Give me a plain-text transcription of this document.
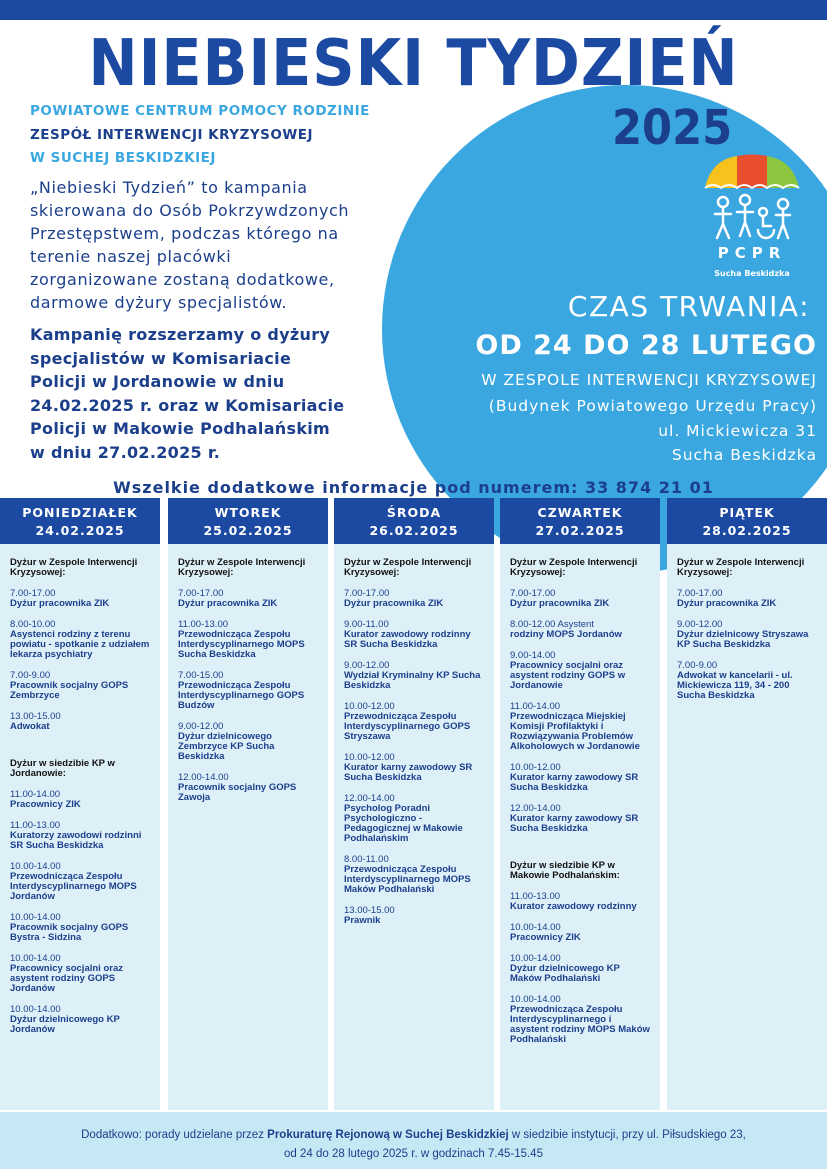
NIEBIESKI TYDZIEŃ
2025
POWIATOWE CENTRUM POMOCY RODZINIE
ZESPÓŁ INTERWENCJI KRYZYSOWEJ
W SUCHEJ BESKIDZKIEJ
„Niebieski Tydzień” to kampania
skierowana do Osób Pokrzywdzonych
Przestępstwem, podczas którego na
terenie naszej placówki
zorganizowane zostaną dodatkowe,
darmowe dyżury specjalistów.
Kampanię rozszerzamy o dyżury
specjalistów w Komisariacie
Policji w Jordanowie w dniu
24.02.2025 r. oraz w Komisariacie
Policji w Makowie Podhalańskim
w dniu 27.02.2025 r.
PCPR
Sucha Beskidzka
CZAS TRWANIA:
OD 24 DO 28 LUTEGO
W ZESPOLE INTERWENCJI KRYZYSOWEJ
(Budynek Powiatowego Urzędu Pracy)
ul. Mickiewicza 31
Sucha Beskidzka
Wszelkie dodatkowe informacje pod numerem: 33 874 21 01
PONIEDZIAŁEK
24.02.2025
Dyżur w Zespole Interwencji Kryzysowej:
7.00-17.00
Dyżur pracownika ZIK
8.00-10.00
Asystenci rodziny z terenu powiatu - spotkanie z udziałem lekarza psychiatry
7.00-9.00
Pracownik socjalny GOPS Zembrzyce
13.00-15.00
Adwokat
Dyżur w siedzibie KP w Jordanowie:
11.00-14.00
Pracownicy ZIK
11.00-13.00
Kuratorzy zawodowi rodzinni SR Sucha Beskidzka
10.00-14.00
Przewodnicząca Zespołu Interdyscyplinarnego MOPS Jordanów
10.00-14.00
Pracownik socjalny GOPS Bystra - Sidzina
10.00-14.00
Pracownicy socjalni oraz asystent rodziny GOPS Jordanów
10.00-14.00
Dyżur dzielnicowego KP Jordanów
WTOREK
25.02.2025
Dyżur w Zespole Interwencji Kryzysowej:
7.00-17.00
Dyżur pracownika ZIK
11.00-13.00
Przewodnicząca Zespołu Interdyscyplinarnego MOPS Sucha Beskidzka
7.00-15.00
Przewodnicząca Zespołu Interdyscyplinarnego GOPS Budzów
9.00-12.00
Dyżur dzielnicowego Zembrzyce KP Sucha Beskidzka
12.00-14.00
Pracownik socjalny GOPS Zawoja
ŚRODA
26.02.2025
Dyżur w Zespole Interwencji Kryzysowej:
7.00-17.00
Dyżur pracownika ZIK
9.00-11.00
Kurator zawodowy rodzinny SR Sucha Beskidzka
9.00-12.00
Wydział Kryminalny KP Sucha Beskidzka
10.00-12.00
Przewodnicząca Zespołu Interdyscyplinarnego GOPS Stryszawa
10.00-12.00
Kurator karny zawodowy SR Sucha Beskidzka
12.00-14.00
Psycholog Poradni Psychologiczno - Pedagogicznej w Makowie Podhalańskim
8.00-11.00
Przewodnicząca Zespołu Interdyscyplinarnego MOPS Maków Podhalański
13.00-15.00
Prawnik
CZWARTEK
27.02.2025
Dyżur w Zespole Interwencji Kryzysowej:
7.00-17.00
Dyżur pracownika ZIK
8.00-12.00 Asystent
rodziny MOPS Jordanów
9.00-14.00
Pracownicy socjalni oraz asystent rodziny GOPS w Jordanowie
11.00-14.00
Przewodnicząca Miejskiej Komisji Profilaktyki i Rozwiązywania Problemów Alkoholowych w Jordanowie
10.00-12.00
Kurator karny zawodowy SR Sucha Beskidzka
12.00-14.00
Kurator karny zawodowy SR Sucha Beskidzka
Dyżur w siedzibie KP w Makowie Podhalańskim:
11.00-13.00
Kurator zawodowy rodzinny
10.00-14.00
Pracownicy ZIK
10.00-14.00
Dyżur dzielnicowego KP Maków Podhalański
10.00-14.00
Przewodnicząca Zespołu Interdyscyplinarnego i asystent rodziny MOPS Maków Podhalański
PIĄTEK
28.02.2025
Dyżur w Zespole Interwencji Kryzysowej:
7.00-17.00
Dyżur pracownika ZIK
9.00-12.00
Dyżur dzielnicowy Stryszawa KP Sucha Beskidzka
7.00-9.00
Adwokat w kancelarii - ul. Mickiewicza 119, 34 - 200 Sucha Beskidzka
Dodatkowo: porady udzielane przez Prokuraturę Rejonową w Suchej Beskidzkiej w siedzibie instytucji, przy ul. Piłsudskiego 23,
od 24 do 28 lutego 2025 r. w godzinach 7.45-15.45
